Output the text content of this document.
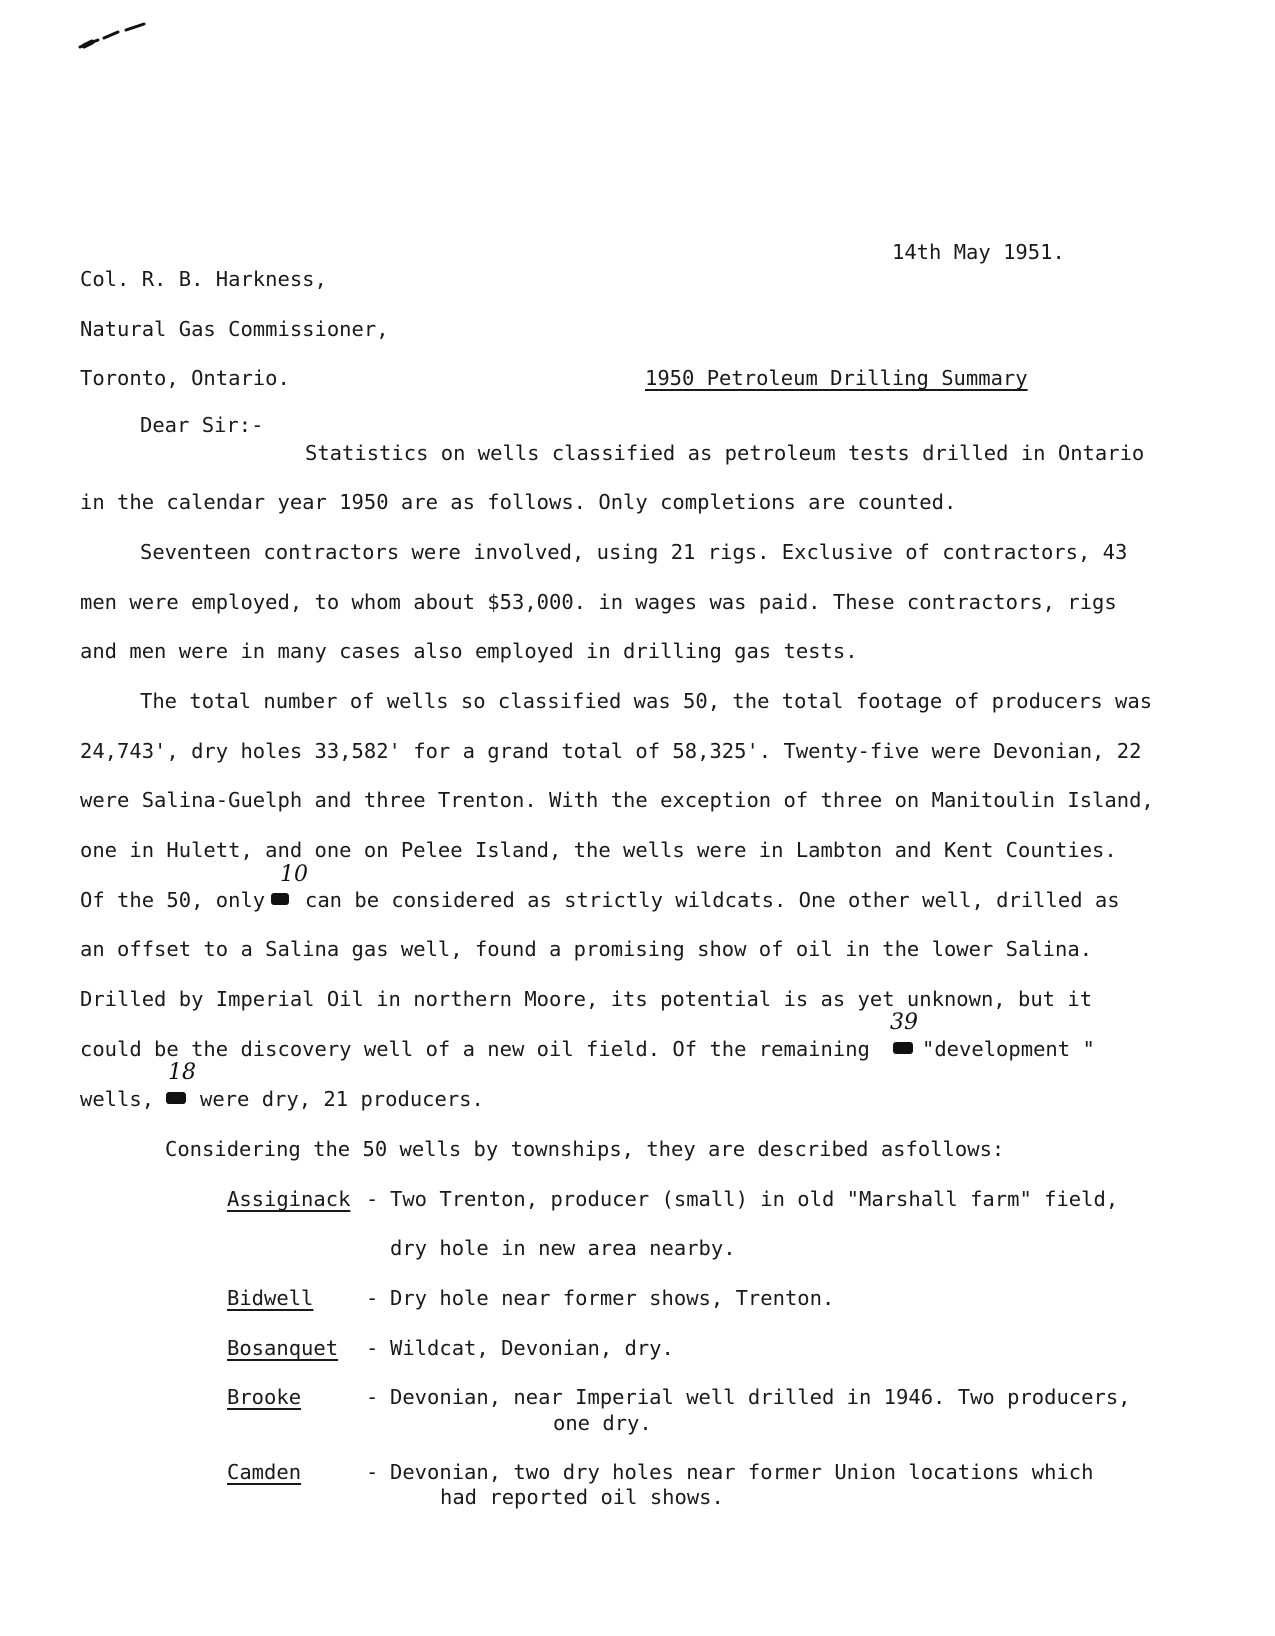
14th May 1951.
Col. R. B. Harkness,
Natural Gas Commissioner,
Toronto, Ontario.	1950 Petroleum Drilling Summary
Dear Sir:-
Statistics on wells classified as petroleum tests drilled in Ontario
in the calendar year 1950 are as follows. Only completions are counted.
Seventeen contractors were involved, using 21 rigs. Exclusive of contractors, 43
men were employed, to whom about $53,000. in wages was paid. These contractors, rigs
and men were in many cases also employed in drilling gas tests.
The total number of wells so classified was 50, the total footage of producers was
24,743', dry holes 33,582' for a grand total of 58,325'. Twenty-five were Devonian, 22
were Salina-Guelph and three Trenton. With the exception of three on Manitoulin Island,
one in Hulett, and one on Pelee Island, the wells were in Lambton and Kent Counties.
Of the 50, only
10
can be considered as strictly wildcats. One other well, drilled as
an offset to a Salina gas well, found a promising show of oil in the lower Salina.
Drilled by Imperial Oil in northern Moore, its potential is as yet unknown, but it
could be the discovery well of a new oil field. Of the remaining
39
"development "
wells,
18
were dry, 21 producers.
Considering the 50 wells by townships, they are described asfollows:
Assiginack - Two Trenton, producer (small) in old "Marshall farm" field,
dry hole in new area nearby.
Bidwell	- Dry hole near former shows, Trenton.
Bosanquet - Wildcat, Devonian, dry.
Brooke	- Devonian, near Imperial well drilled in 1946. Two producers,
one dry.
Camden	- Devonian, two dry holes near former Union locations which
had reported oil shows.
